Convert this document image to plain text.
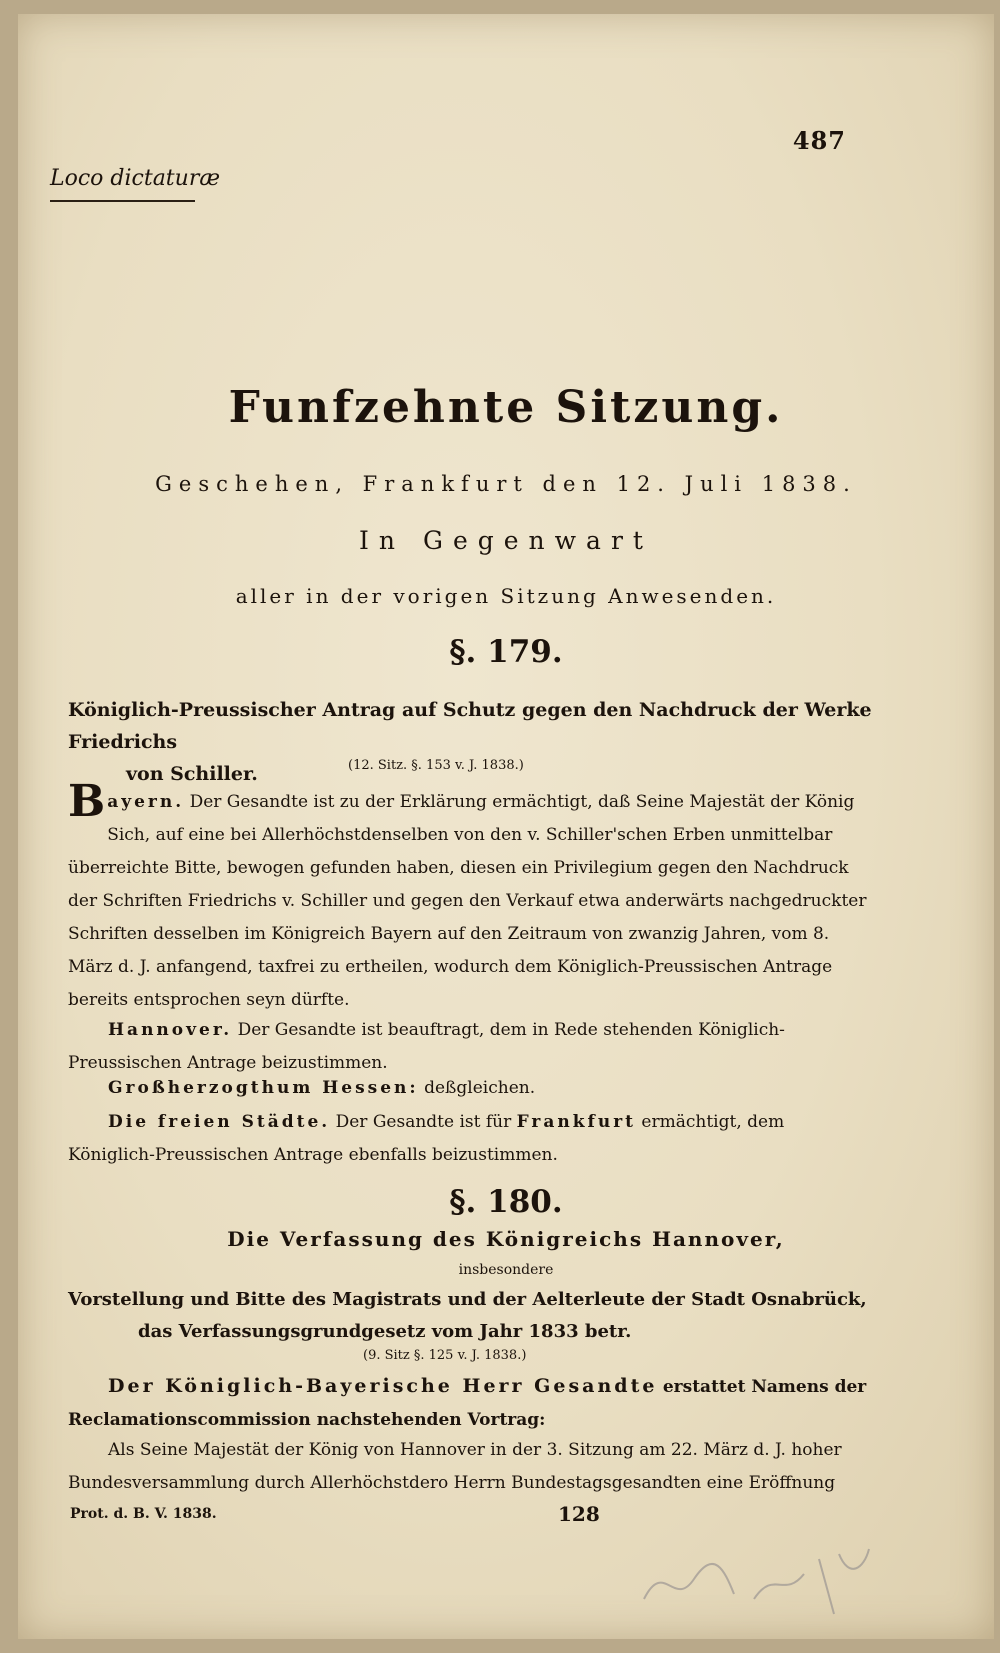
487
Loco dictaturæ
Funfzehnte Sitzung.
Geschehen, Frankfurt den 12. Juli 1838.
In Gegenwart
aller in der vorigen Sitzung Anwesenden.
§. 179.
Königlich-Preussischer Antrag auf Schutz gegen den Nachdruck der Werke Friedrichs
von Schiller.	(12. Sitz. §. 153 v. J. 1838.)
Bayern. Der Gesandte ist zu der Erklärung ermächtigt, daß Seine Majestät der König Sich, auf eine bei Allerhöchstdenselben von den v. Schiller'schen Erben unmittelbar überreichte Bitte, bewogen gefunden haben, diesen ein Privilegium gegen den Nachdruck der Schriften Friedrichs v. Schiller und gegen den Verkauf etwa anderwärts nachgedruckter Schriften desselben im Königreich Bayern auf den Zeitraum von zwanzig Jahren, vom 8. März d. J. anfangend, taxfrei zu ertheilen, wodurch dem Königlich-Preussischen Antrage bereits entsprochen seyn dürfte.
Hannover. Der Gesandte ist beauftragt, dem in Rede stehenden Königlich-Preussischen Antrage beizustimmen.
Großherzogthum Hessen: deßgleichen.
Die freien Städte. Der Gesandte ist für Frankfurt ermächtigt, dem Königlich-Preussischen Antrage ebenfalls beizustimmen.
§. 180.
Die Verfassung des Königreichs Hannover,
insbesondere
Vorstellung und Bitte des Magistrats und der Aelterleute der Stadt Osnabrück,
das Verfassungsgrundgesetz vom Jahr 1833 betr.
(9. Sitz §. 125 v. J. 1838.)
Der Königlich-Bayerische Herr Gesandte erstattet Namens der Reclamationscommission nachstehenden Vortrag:
Als Seine Majestät der König von Hannover in der 3. Sitzung am 22. März d. J. hoher Bundesversammlung durch Allerhöchstdero Herrn Bundestagsgesandten eine Eröffnung
Prot. d. B. V. 1838.	128
